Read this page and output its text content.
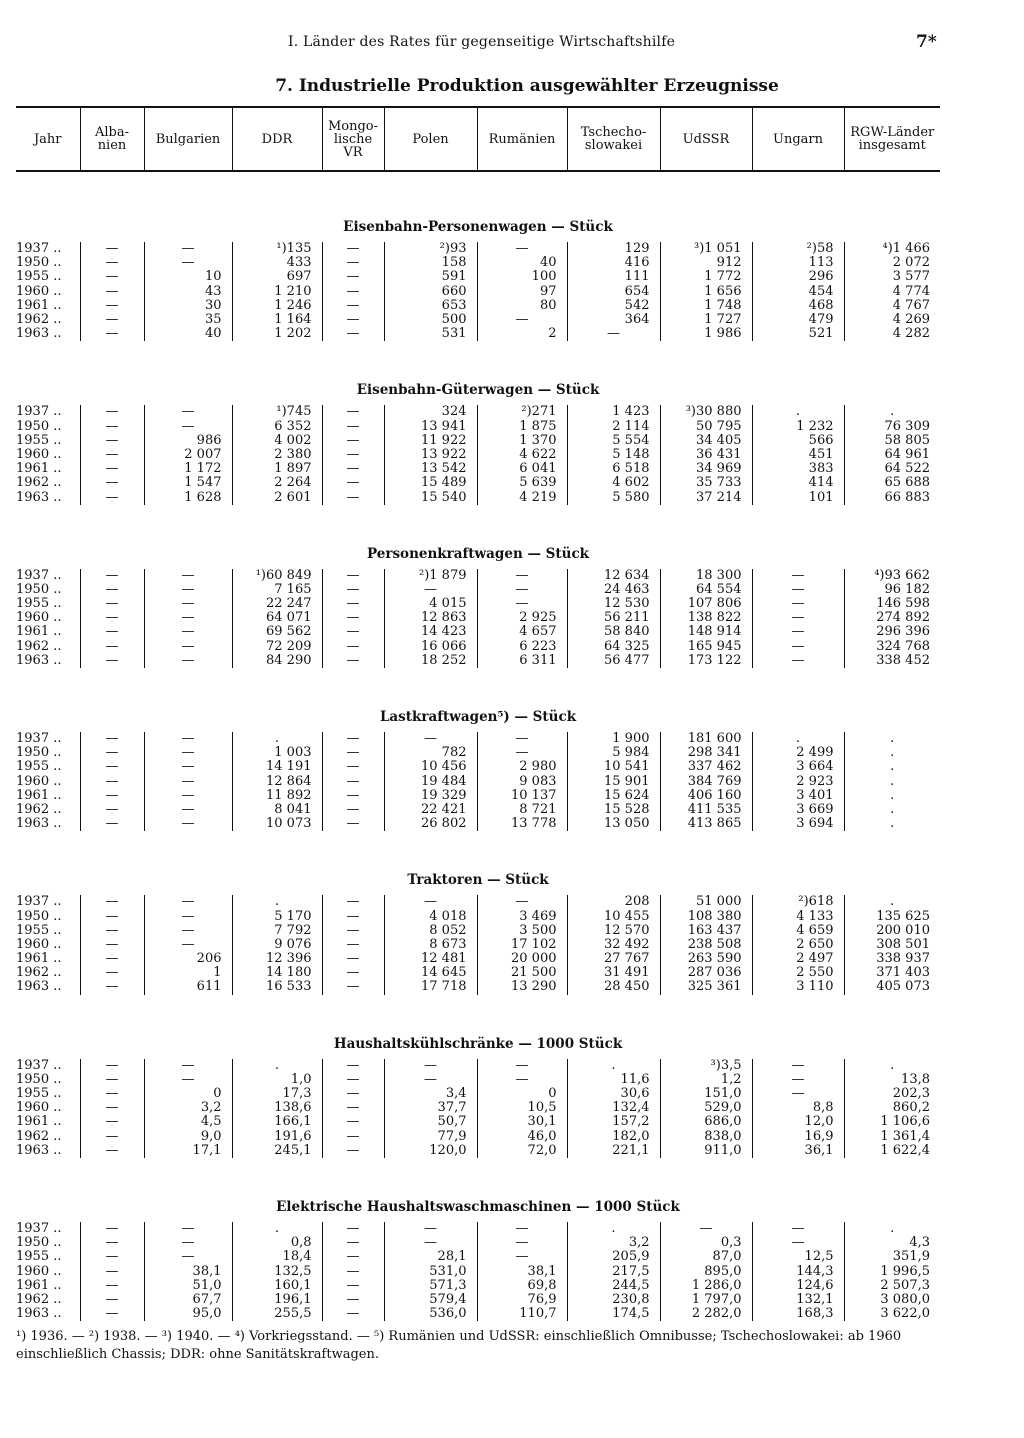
I. Länder des Rates für gegenseitige Wirtschaftshilfe	7*
7. Industrielle Produktion ausgewählter Erzeugnisse
Jahr	Alba-nien	Bulgarien	DDR	Mongo-lische VR	Polen	Rumänien	Tschecho-slowakei	UdSSR	Ungarn	RGW-Länder insgesamt
Eisenbahn-Personenwagen — Stück										
1937 ..	—	—	¹)135	—	²)93	—	129	³)1 051	²)58	⁴)1 466
1950 ..	—	—	433	—	158	40	416	912	113	2 072
1955 ..	—	10	697	—	591	100	111	1 772	296	3 577
1960 ..	—	43	1 210	—	660	97	654	1 656	454	4 774
1961 ..	—	30	1 246	—	653	80	542	1 748	468	4 767
1962 ..	—	35	1 164	—	500	—	364	1 727	479	4 269
1963 ..	—	40	1 202	—	531	2	—	1 986	521	4 282
Eisenbahn-Güterwagen — Stück										
1937 ..	—	—	¹)745	—	324	²)271	1 423	³)30 880	.	.
1950 ..	—	—	6 352	—	13 941	1 875	2 114	50 795	1 232	76 309
1955 ..	—	986	4 002	—	11 922	1 370	5 554	34 405	566	58 805
1960 ..	—	2 007	2 380	—	13 922	4 622	5 148	36 431	451	64 961
1961 ..	—	1 172	1 897	—	13 542	6 041	6 518	34 969	383	64 522
1962 ..	—	1 547	2 264	—	15 489	5 639	4 602	35 733	414	65 688
1963 ..	—	1 628	2 601	—	15 540	4 219	5 580	37 214	101	66 883
Personenkraftwagen — Stück										
1937 ..	—	—	¹)60 849	—	²)1 879	—	12 634	18 300	—	⁴)93 662
1950 ..	—	—	7 165	—	—	—	24 463	64 554	—	96 182
1955 ..	—	—	22 247	—	4 015	—	12 530	107 806	—	146 598
1960 ..	—	—	64 071	—	12 863	2 925	56 211	138 822	—	274 892
1961 ..	—	—	69 562	—	14 423	4 657	58 840	148 914	—	296 396
1962 ..	—	—	72 209	—	16 066	6 223	64 325	165 945	—	324 768
1963 ..	—	—	84 290	—	18 252	6 311	56 477	173 122	—	338 452
Lastkraftwagen⁵) — Stück										
1937 ..	—	—	.	—	—	—	1 900	181 600	.	.
1950 ..	—	—	1 003	—	782	—	5 984	298 341	2 499	.
1955 ..	—	—	14 191	—	10 456	2 980	10 541	337 462	3 664	.
1960 ..	—	—	12 864	—	19 484	9 083	15 901	384 769	2 923	.
1961 ..	—	—	11 892	—	19 329	10 137	15 624	406 160	3 401	.
1962 ..	—	—	8 041	—	22 421	8 721	15 528	411 535	3 669	.
1963 ..	—	—	10 073	—	26 802	13 778	13 050	413 865	3 694	.
Traktoren — Stück										
1937 ..	—	—	.	—	—	—	208	51 000	²)618	.
1950 ..	—	—	5 170	—	4 018	3 469	10 455	108 380	4 133	135 625
1955 ..	—	—	7 792	—	8 052	3 500	12 570	163 437	4 659	200 010
1960 ..	—	—	9 076	—	8 673	17 102	32 492	238 508	2 650	308 501
1961 ..	—	206	12 396	—	12 481	20 000	27 767	263 590	2 497	338 937
1962 ..	—	1	14 180	—	14 645	21 500	31 491	287 036	2 550	371 403
1963 ..	—	611	16 533	—	17 718	13 290	28 450	325 361	3 110	405 073
Haushaltskühlschränke — 1000 Stück										
1937 ..	—	—	.	—	—	—	.	³)3,5	—	.
1950 ..	—	—	1,0	—	—	—	11,6	1,2	—	13,8
1955 ..	—	0	17,3	—	3,4	0	30,6	151,0	—	202,3
1960 ..	—	3,2	138,6	—	37,7	10,5	132,4	529,0	8,8	860,2
1961 ..	—	4,5	166,1	—	50,7	30,1	157,2	686,0	12,0	1 106,6
1962 ..	—	9,0	191,6	—	77,9	46,0	182,0	838,0	16,9	1 361,4
1963 ..	—	17,1	245,1	—	120,0	72,0	221,1	911,0	36,1	1 622,4
Elektrische Haushaltswaschmaschinen — 1000 Stück										
1937 ..	—	—	.	—	—	—	.	—	—	.
1950 ..	—	—	0,8	—	—	—	3,2	0,3	—	4,3
1955 ..	—	—	18,4	—	28,1	—	205,9	87,0	12,5	351,9
1960 ..	—	38,1	132,5	—	531,0	38,1	217,5	895,0	144,3	1 996,5
1961 ..	—	51,0	160,1	—	571,3	69,8	244,5	1 286,0	124,6	2 507,3
1962 ..	—	67,7	196,1	—	579,4	76,9	230,8	1 797,0	132,1	3 080,0
1963 ..	—	95,0	255,5	—	536,0	110,7	174,5	2 282,0	168,3	3 622,0
¹) 1936. — ²) 1938. — ³) 1940. — ⁴) Vorkriegsstand. — ⁵) Rumänien und UdSSR: einschließlich Omnibusse; Tschechoslowakei: ab 1960 einschließlich Chassis; DDR: ohne Sanitätskraftwagen.
